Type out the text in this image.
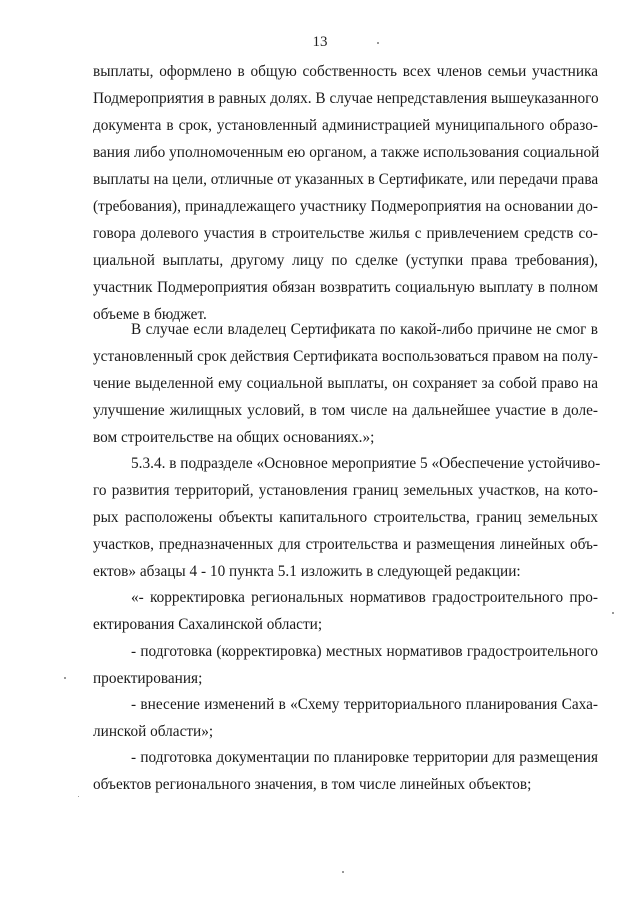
13
выплаты, оформлено в общую собственность всех членов семьи участника
Подмероприятия в равных долях. В случае непредставления вышеуказанного
документа в срок, установленный администрацией муниципального образо-
вания либо уполномоченным ею органом, а также использования социальной
выплаты на цели, отличные от указанных в Сертификате, или передачи права
(требования), принадлежащего участнику Подмероприятия на основании до-
говора долевого участия в строительстве жилья с привлечением средств со-
циальной выплаты, другому лицу по сделке (уступки права требования),
участник Подмероприятия обязан возвратить социальную выплату в полном
объеме в бюджет.
В случае если владелец Сертификата по какой-либо причине не смог в
установленный срок действия Сертификата воспользоваться правом на полу-
чение выделенной ему социальной выплаты, он сохраняет за собой право на
улучшение жилищных условий, в том числе на дальнейшее участие в доле-
вом строительстве на общих основаниях.»;
5.3.4. в подразделе «Основное мероприятие 5 «Обеспечение устойчиво-
го развития территорий, установления границ земельных участков, на кото-
рых расположены объекты капитального строительства, границ земельных
участков, предназначенных для строительства и размещения линейных объ-
ектов» абзацы 4 - 10 пункта 5.1 изложить в следующей редакции:
«- корректировка региональных нормативов градостроительного про-
ектирования Сахалинской области;
- подготовка (корректировка) местных нормативов градостроительного
проектирования;
- внесение изменений в «Схему территориального планирования Саха-
линской области»;
- подготовка документации по планировке территории для размещения
объектов регионального значения, в том числе линейных объектов;
